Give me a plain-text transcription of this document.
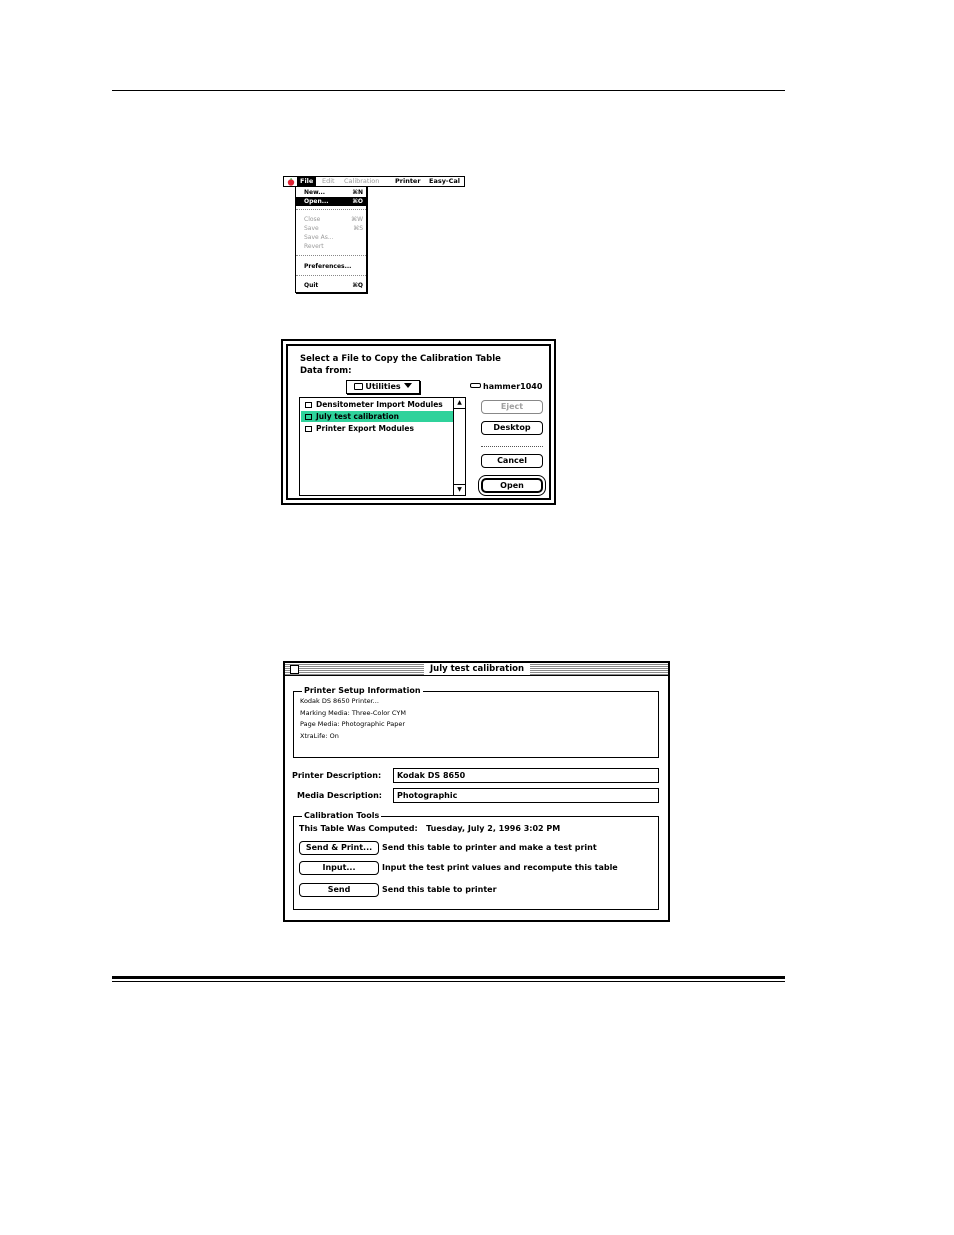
File	Edit Calibration Printer Easy-Cal
New...	⌘N
Open...	⌘O
Close	⌘W
Save	⌘S
Save As...
Revert
Preferences...
Quit	⌘Q
Select a File to Copy the Calibration Table
Data from:
Utilities	hammer1040
Densitometer Import Modules
July test calibration
Printer Export Modules
▲
▼
Eject
Desktop
Cancel
Open
July test calibration
Printer Setup Information
Kodak DS 8650 Printer...
Marking Media: Three-Color CYM
Page Media: Photographic Paper
XtraLife: On
Printer Description:	Kodak DS 8650
Media Description:	Photographic
Calibration Tools
This Table Was Computed: Tuesday, July 2, 1996 3:02 PM
Send & Print...	Send this table to printer and make a test print
Input...	Input the test print values and recompute this table
Send	Send this table to printer
